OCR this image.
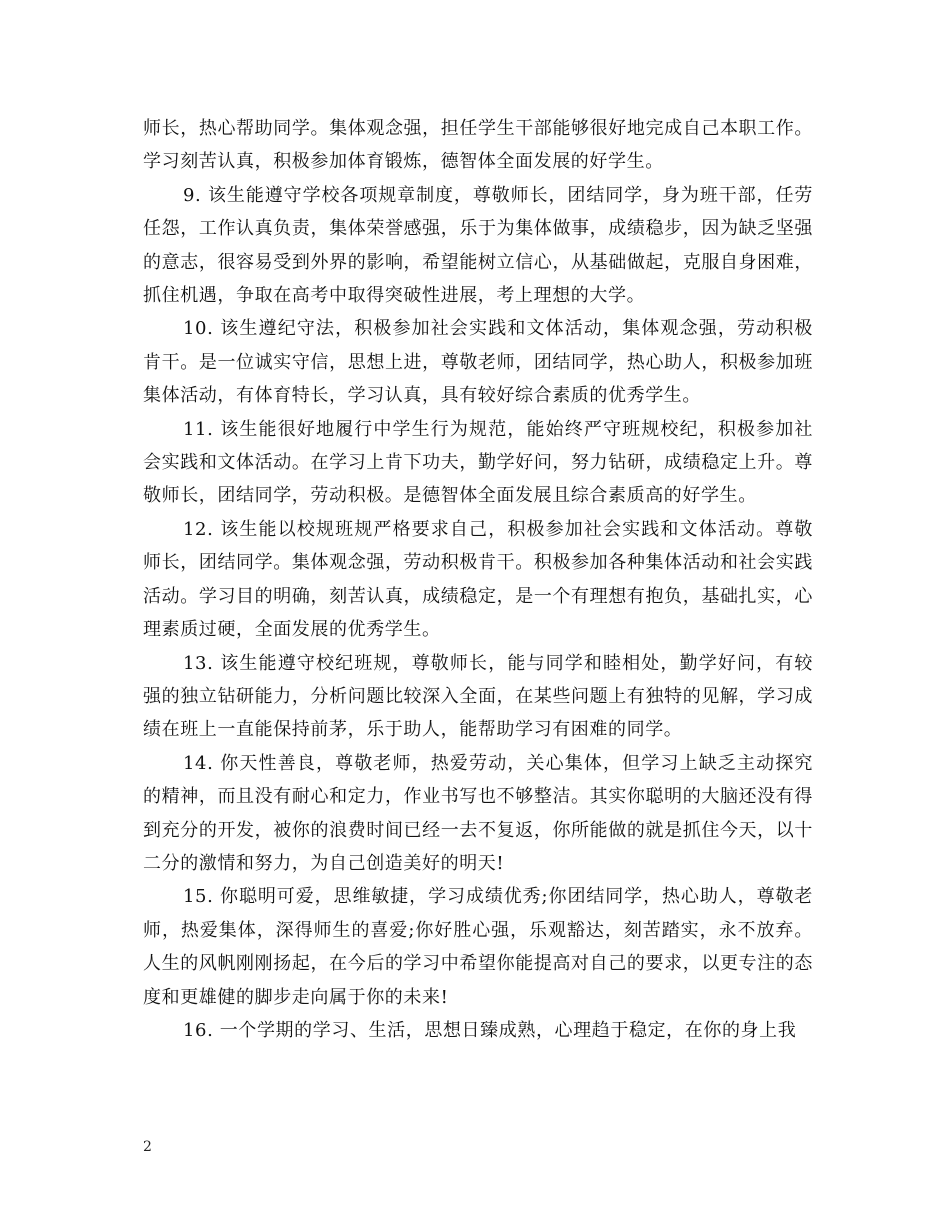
师长，热心帮助同学。集体观念强，担任学生干部能够很好地完成自己本职工作。学习刻苦认真，积极参加体育锻炼，德智体全面发展的好学生。

9. 该生能遵守学校各项规章制度，尊敬师长，团结同学，身为班干部，任劳任怨，工作认真负责，集体荣誉感强，乐于为集体做事，成绩稳步，因为缺乏坚强的意志，很容易受到外界的影响，希望能树立信心，从基础做起，克服自身困难，抓住机遇，争取在高考中取得突破性进展，考上理想的大学。

10. 该生遵纪守法，积极参加社会实践和文体活动，集体观念强，劳动积极肯干。是一位诚实守信，思想上进，尊敬老师，团结同学，热心助人，积极参加班集体活动，有体育特长，学习认真，具有较好综合素质的优秀学生。

11. 该生能很好地履行中学生行为规范，能始终严守班规校纪，积极参加社会实践和文体活动。在学习上肯下功夫，勤学好问，努力钻研，成绩稳定上升。尊敬师长，团结同学，劳动积极。是德智体全面发展且综合素质高的好学生。

12. 该生能以校规班规严格要求自己，积极参加社会实践和文体活动。尊敬师长，团结同学。集体观念强，劳动积极肯干。积极参加各种集体活动和社会实践活动。学习目的明确，刻苦认真，成绩稳定，是一个有理想有抱负，基础扎实，心理素质过硬，全面发展的优秀学生。

13. 该生能遵守校纪班规，尊敬师长，能与同学和睦相处，勤学好问，有较强的独立钻研能力，分析问题比较深入全面，在某些问题上有独特的见解，学习成绩在班上一直能保持前茅，乐于助人，能帮助学习有困难的同学。

14. 你天性善良，尊敬老师，热爱劳动，关心集体，但学习上缺乏主动探究的精神，而且没有耐心和定力，作业书写也不够整洁。其实你聪明的大脑还没有得到充分的开发，被你的浪费时间已经一去不复返，你所能做的就是抓住今天，以十二分的激情和努力，为自己创造美好的明天!

15. 你聪明可爱，思维敏捷，学习成绩优秀;你团结同学，热心助人，尊敬老师，热爱集体，深得师生的喜爱;你好胜心强，乐观豁达，刻苦踏实，永不放弃。人生的风帆刚刚扬起，在今后的学习中希望你能提高对自己的要求，以更专注的态度和更雄健的脚步走向属于你的未来!

16. 一个学期的学习、生活，思想日臻成熟，心理趋于稳定，在你的身上我

2
